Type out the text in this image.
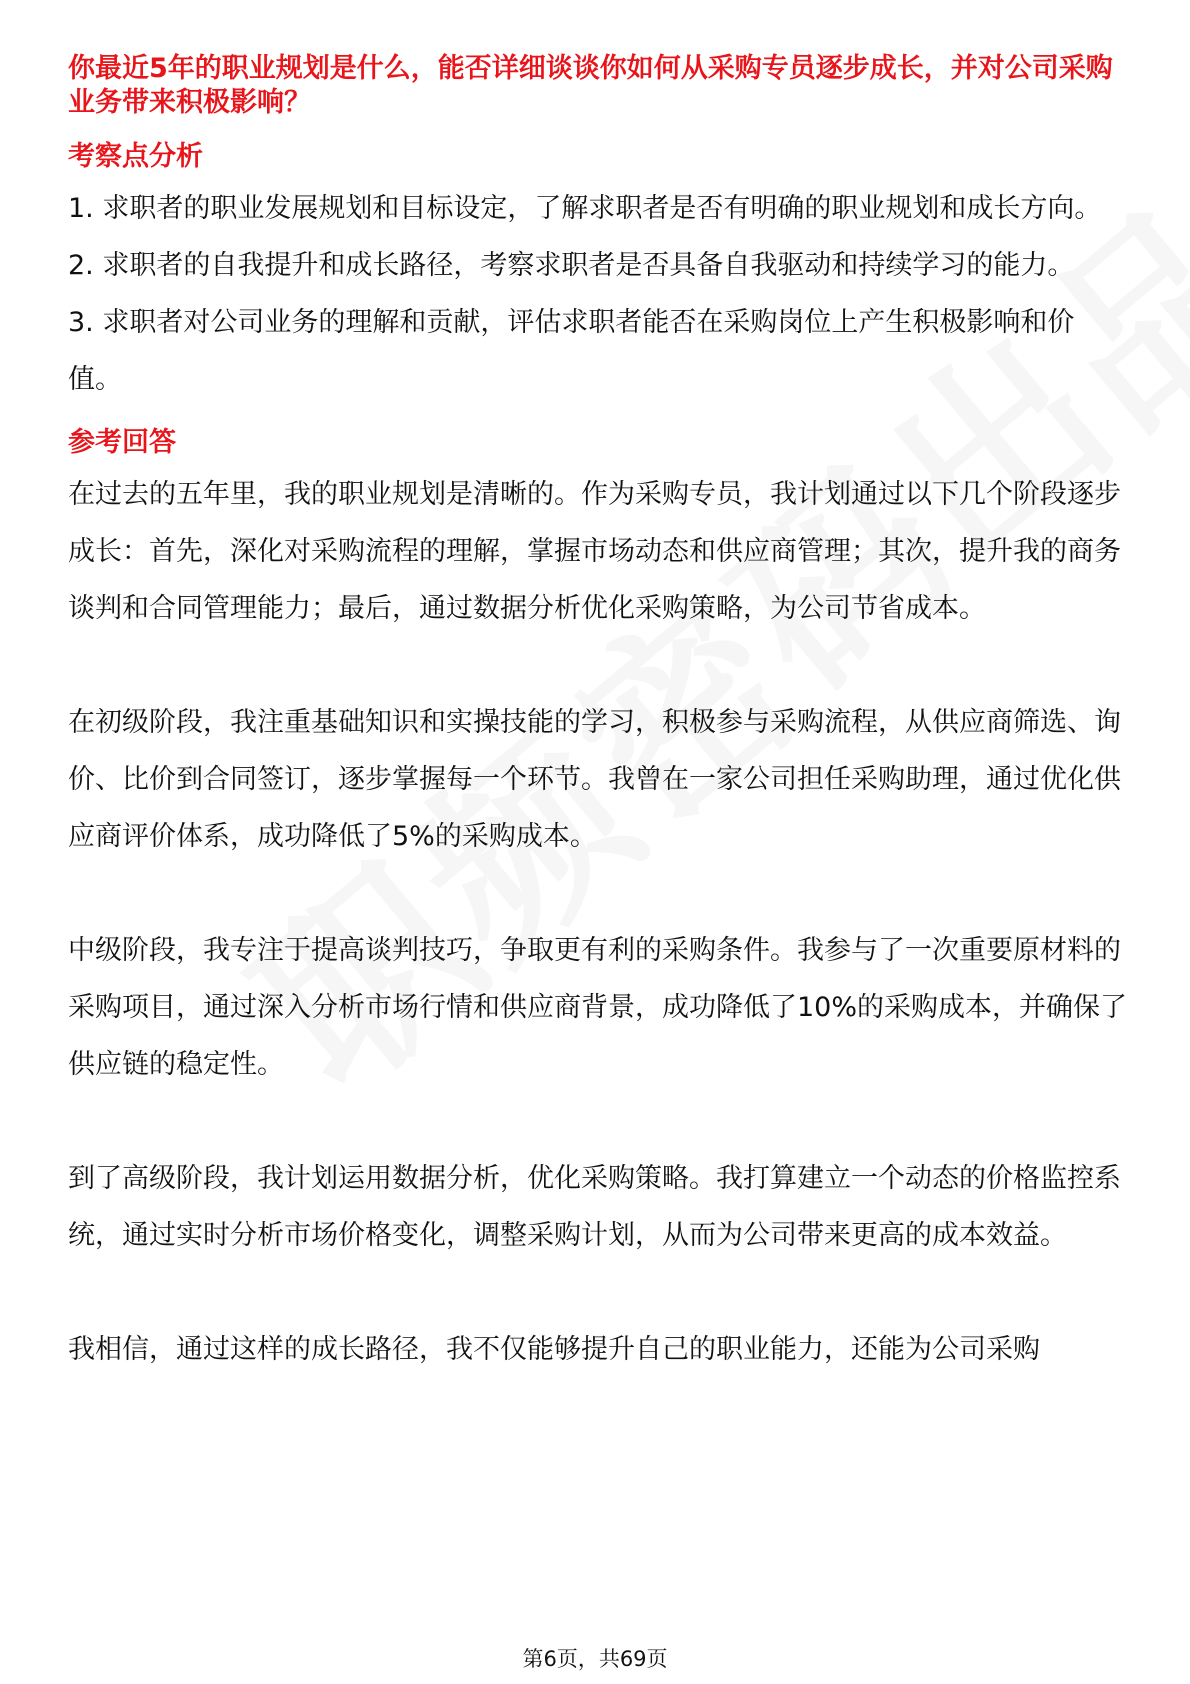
你最近5年的职业规划是什么，能否详细谈谈你如何从采购专员逐步成长，并对公司采购业务带来积极影响？

考察点分析

1. 求职者的职业发展规划和目标设定，了解求职者是否有明确的职业规划和成长方向。

2. 求职者的自我提升和成长路径，考察求职者是否具备自我驱动和持续学习的能力。

3. 求职者对公司业务的理解和贡献，评估求职者能否在采购岗位上产生积极影响和价值。

参考回答

在过去的五年里，我的职业规划是清晰的。作为采购专员，我计划通过以下几个阶段逐步成长：首先，深化对采购流程的理解，掌握市场动态和供应商管理；其次，提升我的商务谈判和合同管理能力；最后，通过数据分析优化采购策略，为公司节省成本。

在初级阶段，我注重基础知识和实操技能的学习，积极参与采购流程，从供应商筛选、询价、比价到合同签订，逐步掌握每一个环节。我曾在一家公司担任采购助理，通过优化供应商评价体系，成功降低了5%的采购成本。

中级阶段，我专注于提高谈判技巧，争取更有利的采购条件。我参与了一次重要原材料的采购项目，通过深入分析市场行情和供应商背景，成功降低了10%的采购成本，并确保了供应链的稳定性。

到了高级阶段，我计划运用数据分析，优化采购策略。我打算建立一个动态的价格监控系统，通过实时分析市场价格变化，调整采购计划，从而为公司带来更高的成本效益。

我相信，通过这样的成长路径，我不仅能够提升自己的职业能力，还能为公司采购

第6页，共69页
